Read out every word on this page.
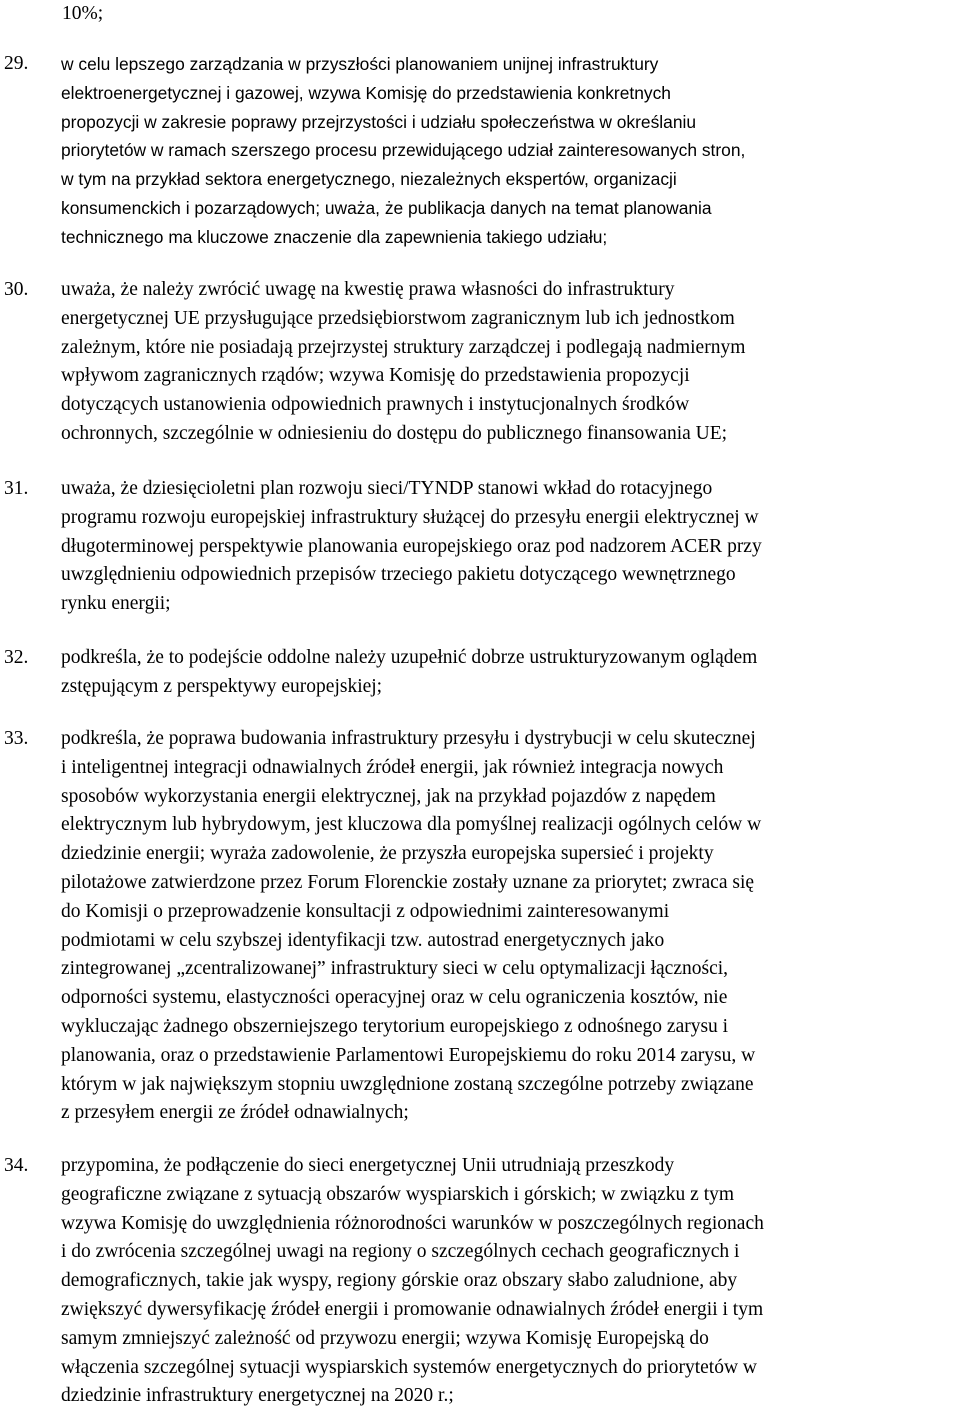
10%;
29. w celu lepszego zarządzania w przyszłości planowaniem unijnej infrastruktury
elektroenergetycznej i gazowej, wzywa Komisję do przedstawienia konkretnych
propozycji w zakresie poprawy przejrzystości i udziału społeczeństwa w określaniu
priorytetów w ramach szerszego procesu przewidującego udział zainteresowanych stron,
w tym na przykład sektora energetycznego, niezależnych ekspertów, organizacji
konsumenckich i pozarządowych; uważa, że publikacja danych na temat planowania
technicznego ma kluczowe znaczenie dla zapewnienia takiego udziału;
30. uważa, że należy zwrócić uwagę na kwestię prawa własności do infrastruktury
energetycznej UE przysługujące przedsiębiorstwom zagranicznym lub ich jednostkom
zależnym, które nie posiadają przejrzystej struktury zarządczej i podlegają nadmiernym
wpływom zagranicznych rządów; wzywa Komisję do przedstawienia propozycji
dotyczących ustanowienia odpowiednich prawnych i instytucjonalnych środków
ochronnych, szczególnie w odniesieniu do dostępu do publicznego finansowania UE;
31. uważa, że dziesięcioletni plan rozwoju sieci/TYNDP stanowi wkład do rotacyjnego
programu rozwoju europejskiej infrastruktury służącej do przesyłu energii elektrycznej w
długoterminowej perspektywie planowania europejskiego oraz pod nadzorem ACER przy
uwzględnieniu odpowiednich przepisów trzeciego pakietu dotyczącego wewnętrznego
rynku energii;
32. podkreśla, że to podejście oddolne należy uzupełnić dobrze ustrukturyzowanym oglądem
zstępującym z perspektywy europejskiej;
33. podkreśla, że poprawa budowania infrastruktury przesyłu i dystrybucji w celu skutecznej
i inteligentnej integracji odnawialnych źródeł energii, jak również integracja nowych
sposobów wykorzystania energii elektrycznej, jak na przykład pojazdów z napędem
elektrycznym lub hybrydowym, jest kluczowa dla pomyślnej realizacji ogólnych celów w
dziedzinie energii; wyraża zadowolenie, że przyszła europejska supersieć i projekty
pilotażowe zatwierdzone przez Forum Florenckie zostały uznane za priorytet; zwraca się
do Komisji o przeprowadzenie konsultacji z odpowiednimi zainteresowanymi
podmiotami w celu szybszej identyfikacji tzw. autostrad energetycznych jako
zintegrowanej „zcentralizowanej” infrastruktury sieci w celu optymalizacji łączności,
odporności systemu, elastyczności operacyjnej oraz w celu ograniczenia kosztów, nie
wykluczając żadnego obszerniejszego terytorium europejskiego z odnośnego zarysu i
planowania, oraz o przedstawienie Parlamentowi Europejskiemu do roku 2014 zarysu, w
którym w jak największym stopniu uwzględnione zostaną szczególne potrzeby związane
z przesyłem energii ze źródeł odnawialnych;
34. przypomina, że podłączenie do sieci energetycznej Unii utrudniają przeszkody
geograficzne związane z sytuacją obszarów wyspiarskich i górskich; w związku z tym
wzywa Komisję do uwzględnienia różnorodności warunków w poszczególnych regionach
i do zwrócenia szczególnej uwagi na regiony o szczególnych cechach geograficznych i
demograficznych, takie jak wyspy, regiony górskie oraz obszary słabo zaludnione, aby
zwiększyć dywersyfikację źródeł energii i promowanie odnawialnych źródeł energii i tym
samym zmniejszyć zależność od przywozu energii; wzywa Komisję Europejską do
włączenia szczególnej sytuacji wyspiarskich systemów energetycznych do priorytetów w
dziedzinie infrastruktury energetycznej na 2020 r.;
